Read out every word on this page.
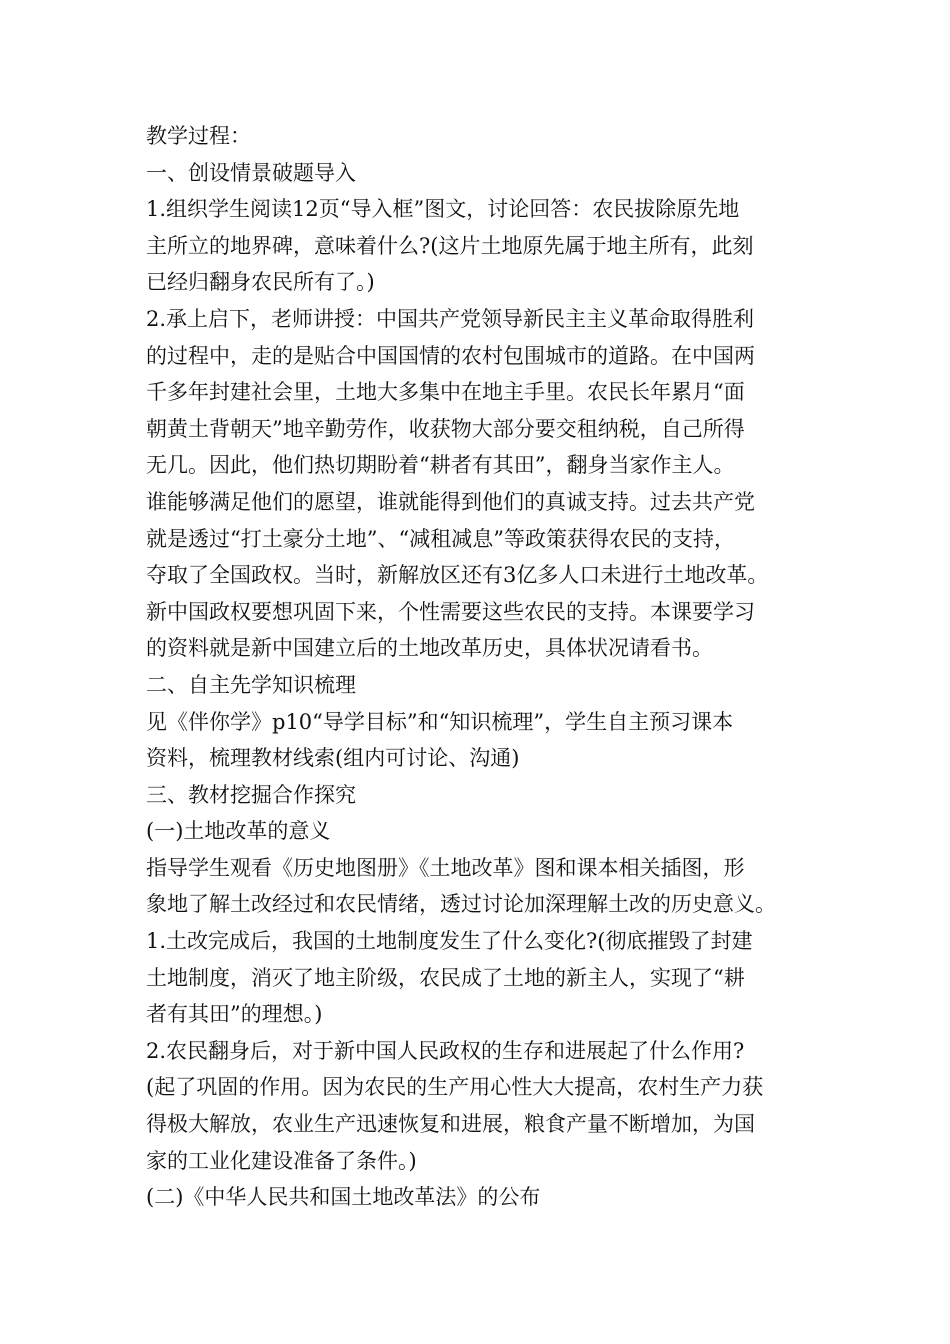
教学过程：
一、创设情景破题导入
1.组织学生阅读12页“导入框”图文，讨论回答：农民拔除原先地
主所立的地界碑，意味着什么?(这片土地原先属于地主所有，此刻
已经归翻身农民所有了。)
2.承上启下，老师讲授：中国共产党领导新民主主义革命取得胜利
的过程中，走的是贴合中国国情的农村包围城市的道路。在中国两
千多年封建社会里，土地大多集中在地主手里。农民长年累月“面
朝黄土背朝天”地辛勤劳作，收获物大部分要交租纳税，自己所得
无几。因此，他们热切期盼着“耕者有其田”，翻身当家作主人。
谁能够满足他们的愿望，谁就能得到他们的真诚支持。过去共产党
就是透过“打土豪分土地”、“减租减息”等政策获得农民的支持，
夺取了全国政权。当时，新解放区还有3亿多人口未进行土地改革。
新中国政权要想巩固下来，个性需要这些农民的支持。本课要学习
的资料就是新中国建立后的土地改革历史，具体状况请看书。
二、自主先学知识梳理
见《伴你学》p10“导学目标”和“知识梳理”，学生自主预习课本
资料，梳理教材线索(组内可讨论、沟通)
三、教材挖掘合作探究
(一)土地改革的意义
指导学生观看《历史地图册》《土地改革》图和课本相关插图，形
象地了解土改经过和农民情绪，透过讨论加深理解土改的历史意义。
1.土改完成后，我国的土地制度发生了什么变化?(彻底摧毁了封建
土地制度，消灭了地主阶级，农民成了土地的新主人，实现了“耕
者有其田”的理想。)
2.农民翻身后，对于新中国人民政权的生存和进展起了什么作用?
(起了巩固的作用。因为农民的生产用心性大大提高，农村生产力获
得极大解放，农业生产迅速恢复和进展，粮食产量不断增加，为国
家的工业化建设准备了条件。)
(二)《中华人民共和国土地改革法》的公布
